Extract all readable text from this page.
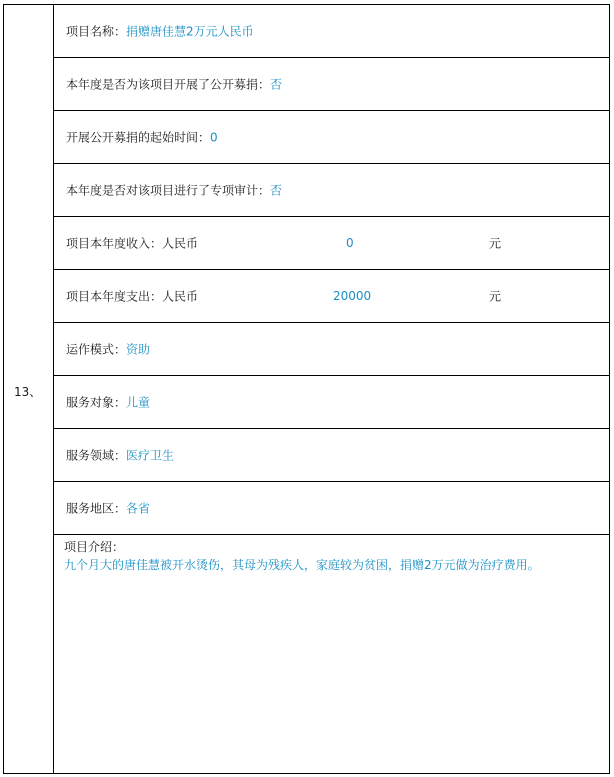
13、
项目名称：捐赠唐佳慧2万元人民币
本年度是否为该项目开展了公开募捐：否
开展公开募捐的起始时间：0
本年度是否对该项目进行了专项审计：否
项目本年度收入：人民币	0	元
项目本年度支出：人民币	20000	元
运作模式：资助
服务对象：儿童
服务领域：医疗卫生
服务地区：各省
项目介绍：
九个月大的唐佳慧被开水烫伤，其母为残疾人，家庭较为贫困，捐赠2万元做为治疗费用。
